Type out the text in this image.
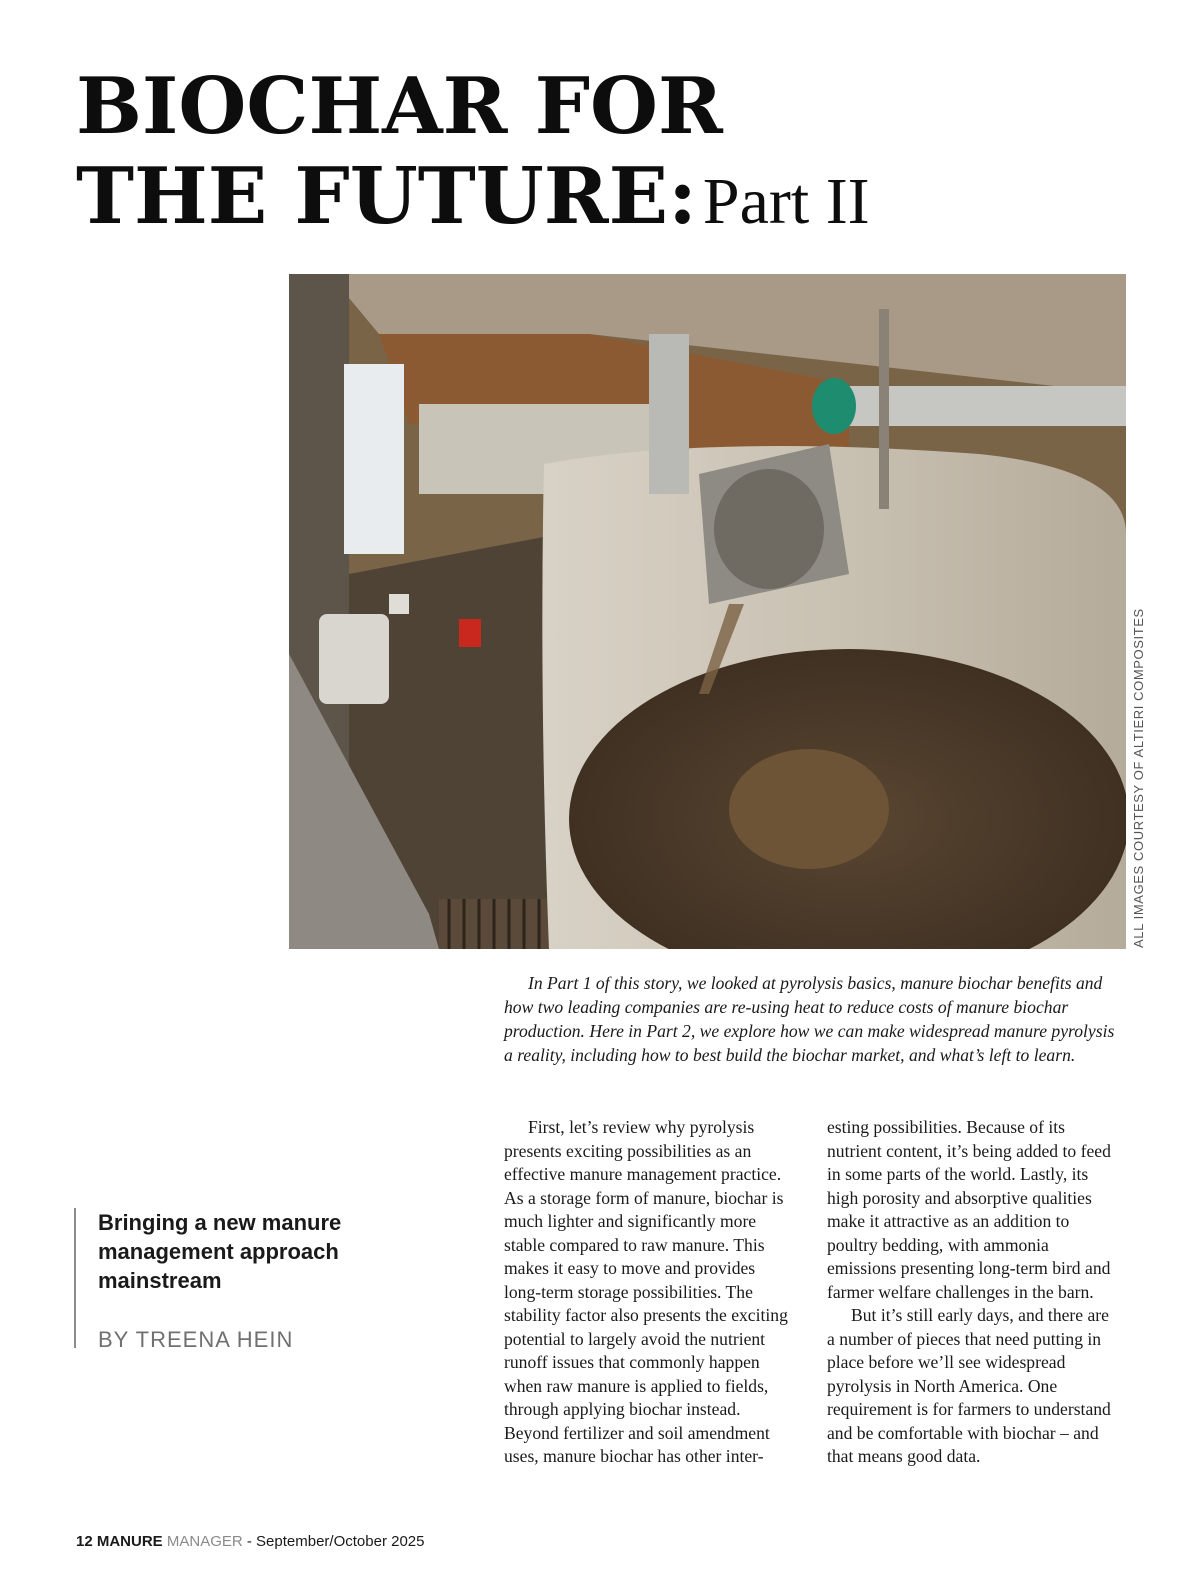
BIOCHAR FOR
THE FUTURE:Part II
ALL IMAGES COURTESY OF ALTIERI COMPOSITES

In Part 1 of this story, we looked at pyrolysis basics, manure biochar benefits and how two leading companies are re-using heat to reduce costs of manure biochar production. Here in Part 2, we explore how we can make widespread manure pyrolysis a reality, including how to best build the biochar market, and what’s left to learn.

First, let’s review why pyrolysis presents exciting possibilities as an effective manure management practice. As a storage form of manure, biochar is much lighter and significantly more stable compared to raw manure. This makes it easy to move and provides long-term storage possibilities. The stability factor also presents the exciting potential to largely avoid the nutrient runoff issues that commonly happen when raw manure is applied to fields, through applying biochar instead. Beyond fertilizer and soil amendment uses, manure biochar has other inter-

esting possibilities. Because of its nutrient content, it’s being added to feed in some parts of the world. Lastly, its high porosity and absorptive qualities make it attractive as an addition to poultry bedding, with ammonia emissions presenting long-term bird and farmer welfare challenges in the barn.

But it’s still early days, and there are a number of pieces that need putting in place before we’ll see widespread pyrolysis in North America. One requirement is for farmers to understand and be comfortable with biochar – and that means good data.

Bringing a new manure management approach mainstream

BY TREENA HEIN
12 MANURE MANAGER - September/October 2025
